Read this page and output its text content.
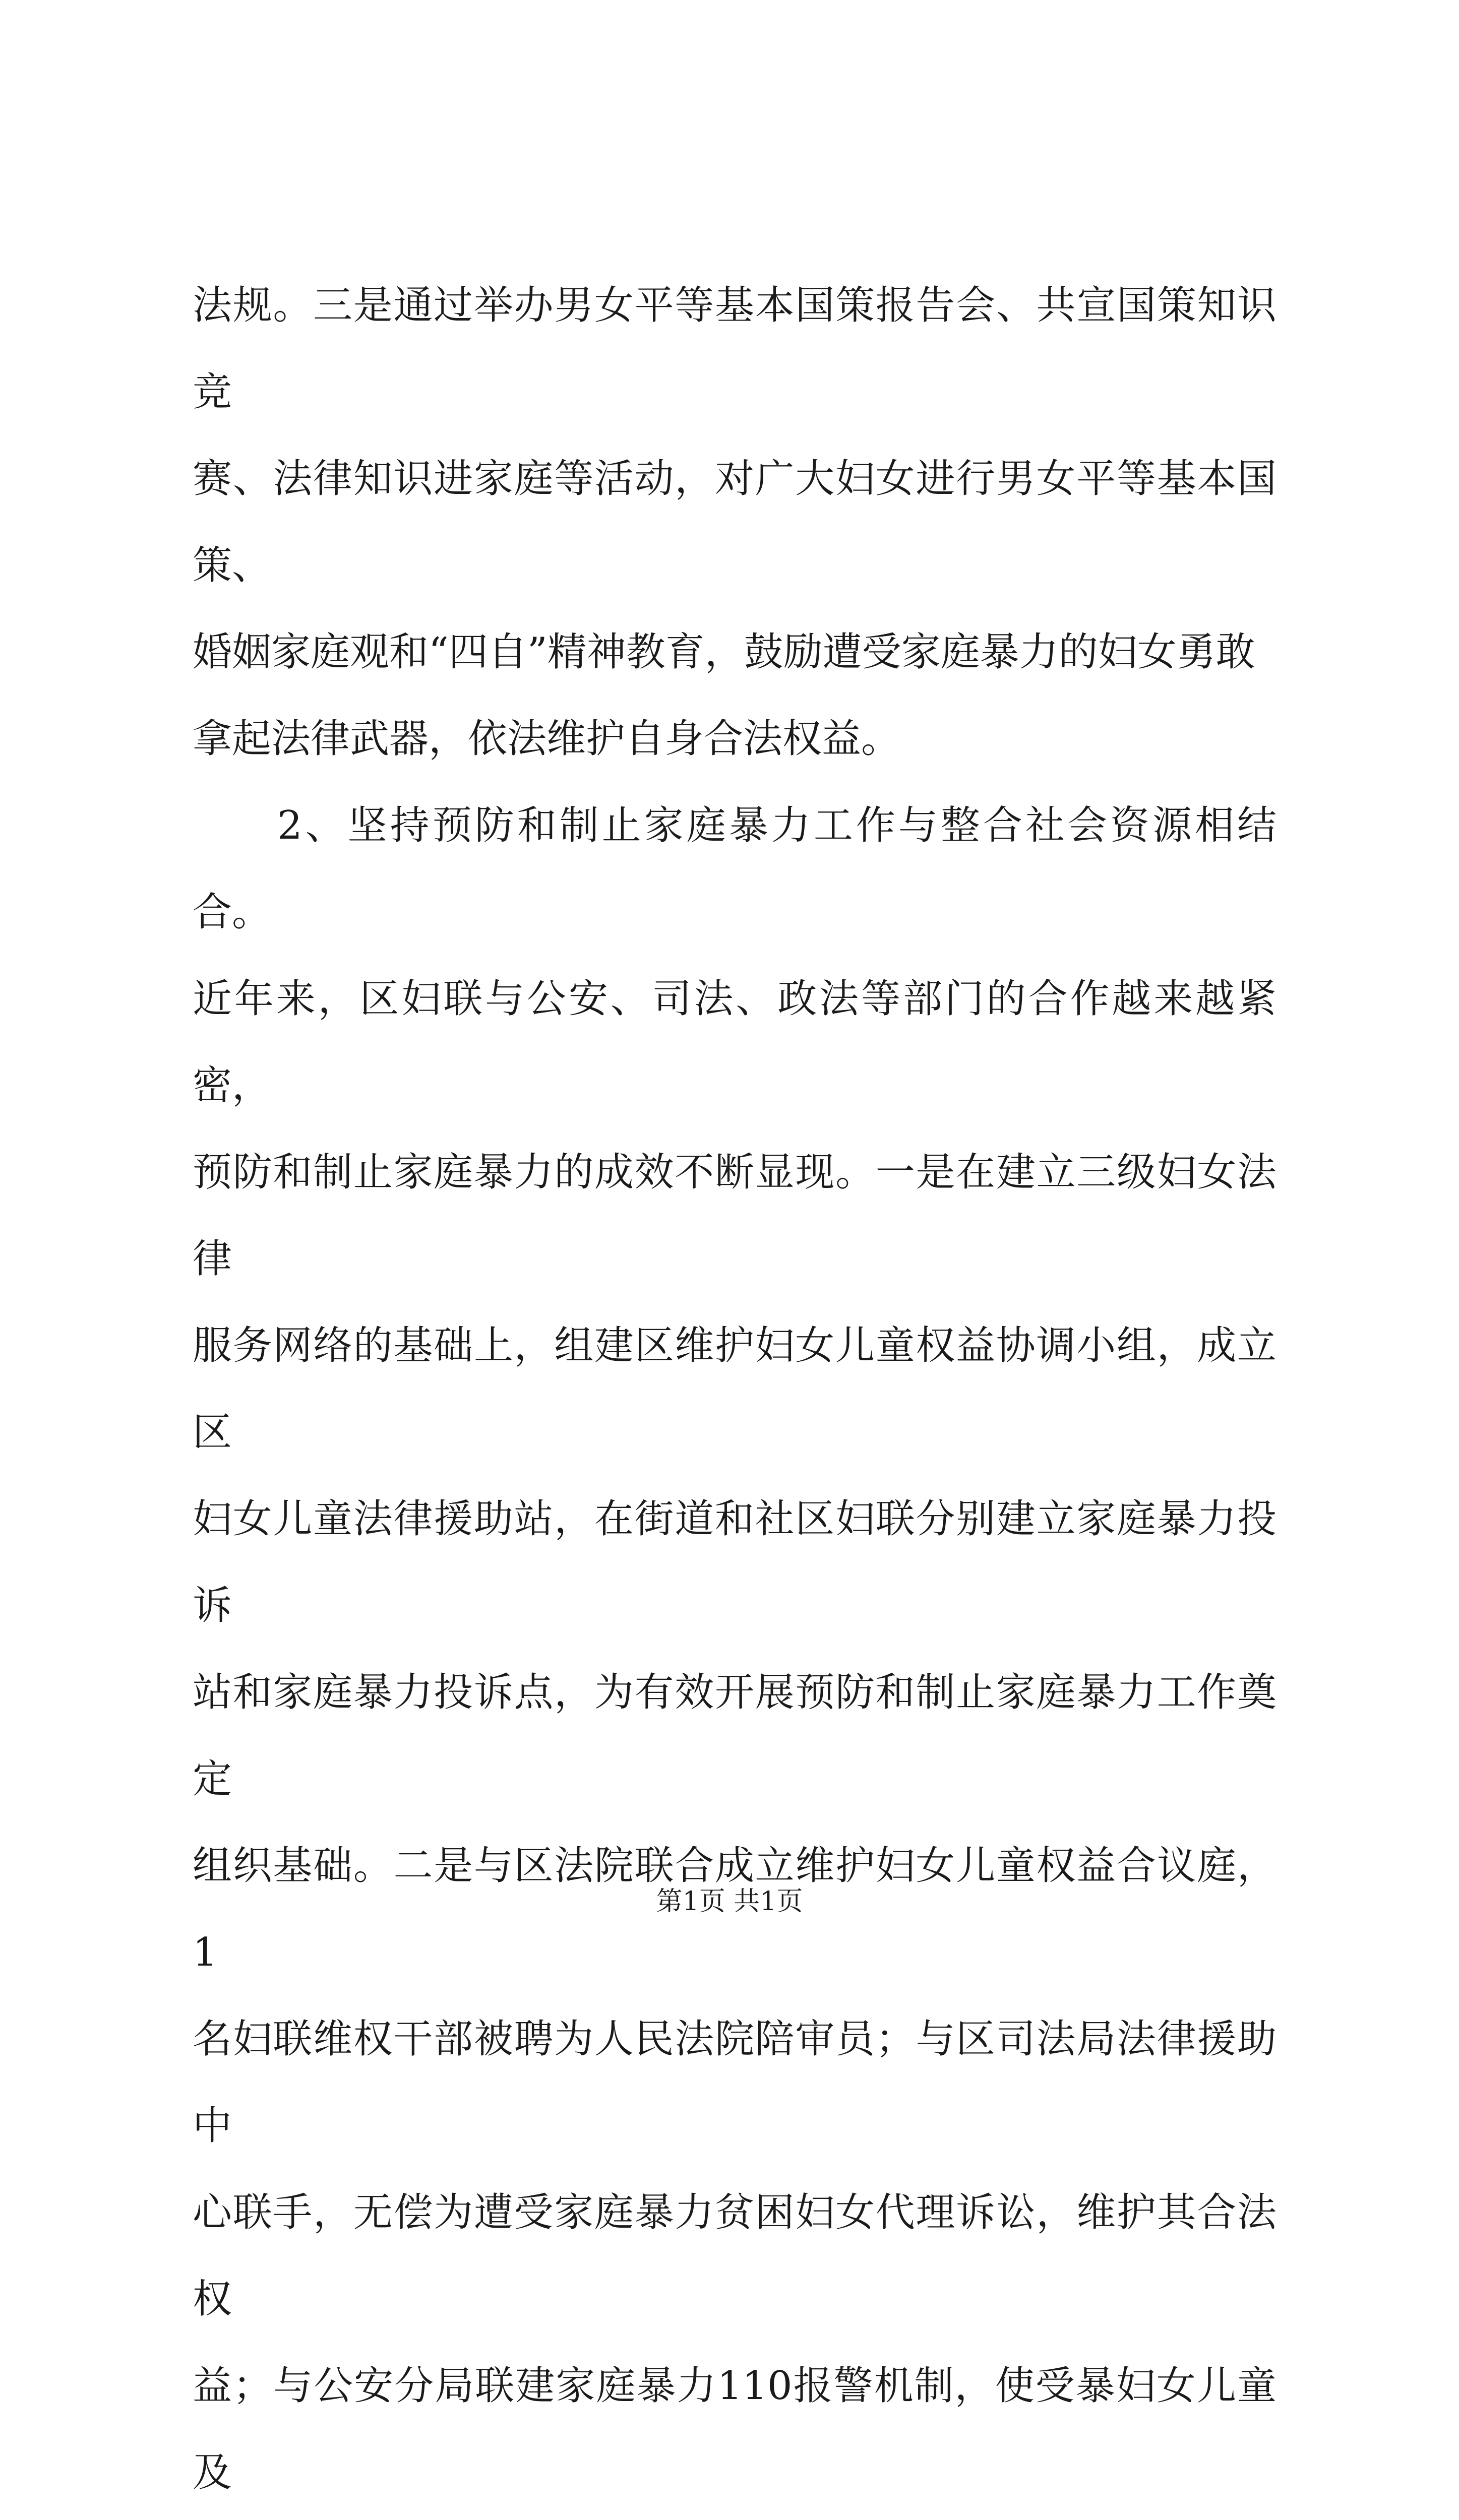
法规。三是通过举办男女平等基本国策报告会、共宣国策知识竞

赛、法律知识进家庭等活动，对广大妇女进行男女平等基本国策、

婚姻家庭观和“四自”精神教育，鼓励遭受家庭暴力的妇女勇敢

拿起法律武器，依法维护自身合法权益。

　　2、坚持预防和制止家庭暴力工作与整合社会资源相结合。

近年来，区妇联与公安、司法、政法等部门的合作越来越紧密，

预防和制止家庭暴力的成效不断显现。一是在建立三级妇女法律

服务网络的基础上，组建区维护妇女儿童权益协调小组，成立区

妇女儿童法律援助站，在街道和社区妇联分别建立家庭暴力投诉

站和家庭暴力投诉点，为有效开展预防和制止家庭暴力工作奠定

组织基础。二是与区法院联合成立维护妇女儿童权益合议庭，1

名妇联维权干部被聘为人民法院陪审员；与区司法局法律援助中

心联手，无偿为遭受家庭暴力贫困妇女代理诉讼，维护其合法权

益；与公安分局联建家庭暴力110报警机制，使受暴妇女儿童及

第1页 共1页
